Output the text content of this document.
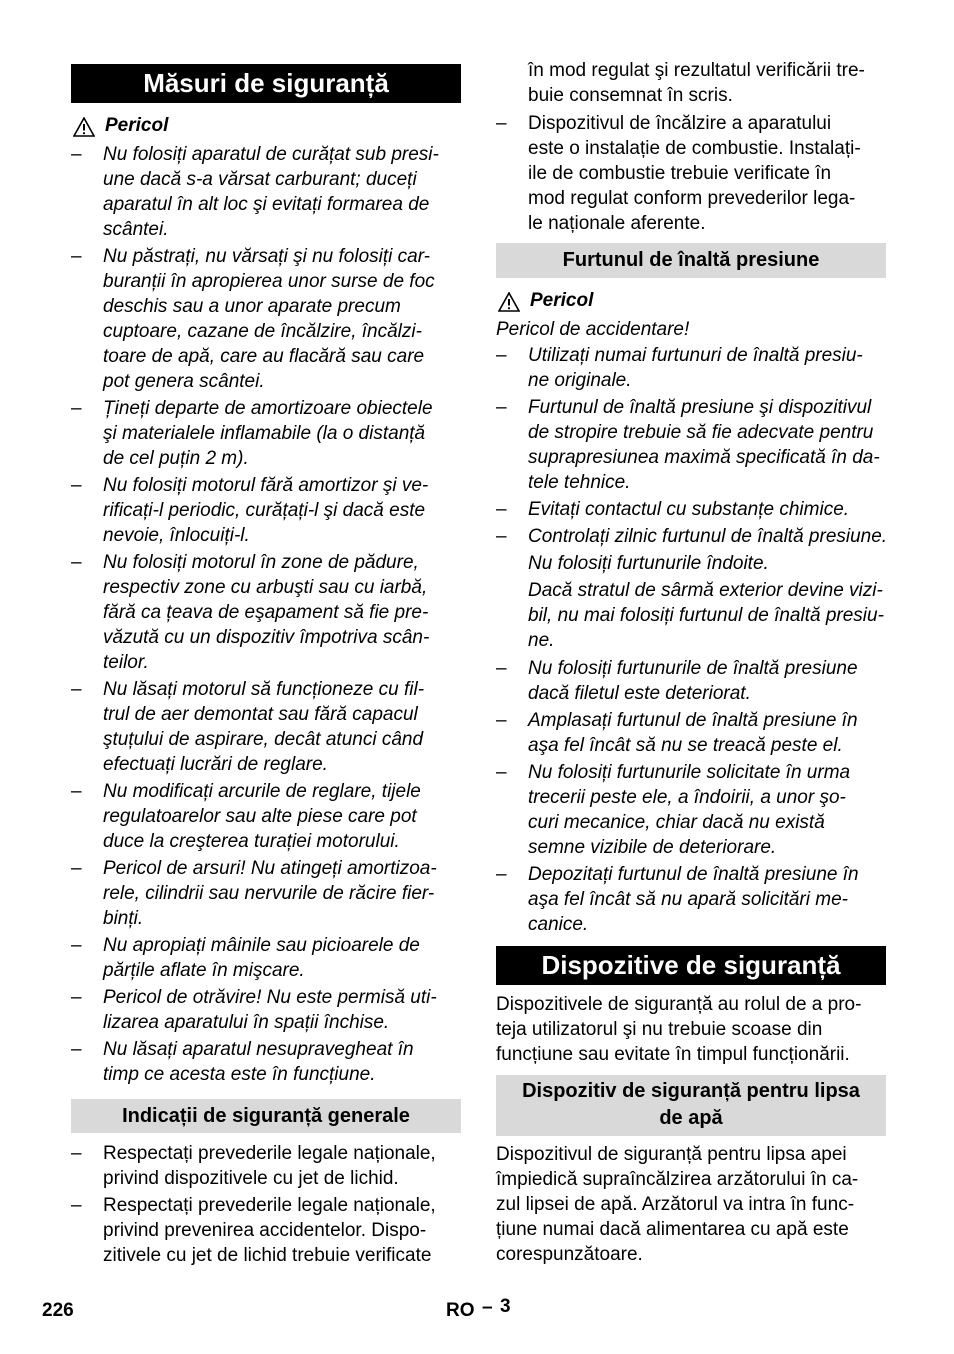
Măsuri de siguranță
Pericol
– Nu folosiți aparatul de curățat sub presi-
une dacă s-a vărsat carburant; duceți
aparatul în alt loc şi evitați formarea de
scântei.
– Nu păstrați, nu vărsați şi nu folosiți car-
buranții în apropierea unor surse de foc
deschis sau a unor aparate precum
cuptoare, cazane de încălzire, încălzi-
toare de apă, care au flacără sau care
pot genera scântei.
– Țineți departe de amortizoare obiectele
şi materialele inflamabile (la o distanță
de cel puțin 2 m).
– Nu folosiți motorul fără amortizor şi ve-
rificați-l periodic, curățați-l şi dacă este
nevoie, înlocuiți-l.
– Nu folosiți motorul în zone de pădure,
respectiv zone cu arbuşti sau cu iarbă,
fără ca țeava de eşapament să fie pre-
văzută cu un dispozitiv împotriva scân-
teilor.
– Nu lăsați motorul să funcționeze cu fil-
trul de aer demontat sau fără capacul
ştuțului de aspirare, decât atunci când
efectuați lucrări de reglare.
– Nu modificați arcurile de reglare, tijele
regulatoarelor sau alte piese care pot
duce la creşterea turației motorului.
– Pericol de arsuri! Nu atingeți amortizoa-
rele, cilindrii sau nervurile de răcire fier-
binți.
– Nu apropiați mâinile sau picioarele de
părțile aflate în mişcare.
– Pericol de otrăvire! Nu este permisă uti-
lizarea aparatului în spații închise.
– Nu lăsați aparatul nesupravegheat în
timp ce acesta este în funcțiune.
Indicații de siguranță generale
– Respectați prevederile legale naționale,
privind dispozitivele cu jet de lichid.
– Respectați prevederile legale naționale,
privind prevenirea accidentelor. Dispo-
zitivele cu jet de lichid trebuie verificate
în mod regulat şi rezultatul verificării tre-
buie consemnat în scris.
– Dispozitivul de încălzire a aparatului
este o instalație de combustie. Instalați-
ile de combustie trebuie verificate în
mod regulat conform prevederilor lega-
le naționale aferente.
Furtunul de înaltă presiune
Pericol
Pericol de accidentare!
– Utilizați numai furtunuri de înaltă presiu-
ne originale.
– Furtunul de înaltă presiune şi dispozitivul
de stropire trebuie să fie adecvate pentru
suprapresiunea maximă specificată în da-
tele tehnice.
– Evitați contactul cu substanțe chimice.
– Controlați zilnic furtunul de înaltă presiune.
Nu folosiți furtunurile îndoite.
Dacă stratul de sârmă exterior devine vizi-
bil, nu mai folosiți furtunul de înaltă presiu-
ne.
– Nu folosiți furtunurile de înaltă presiune
dacă filetul este deteriorat.
– Amplasați furtunul de înaltă presiune în
aşa fel încât să nu se treacă peste el.
– Nu folosiți furtunurile solicitate în urma
trecerii peste ele, a îndoirii, a unor şo-
curi mecanice, chiar dacă nu există
semne vizibile de deteriorare.
– Depozitați furtunul de înaltă presiune în
aşa fel încât să nu apară solicitări me-
canice.
Dispozitive de siguranță
Dispozitivele de siguranță au rolul de a pro-
teja utilizatorul şi nu trebuie scoase din
funcțiune sau evitate în timpul funcționării.
Dispozitiv de siguranță pentru lipsa
de apă
Dispozitivul de siguranță pentru lipsa apei
împiedică supraîncălzirea arzătorului în ca-
zul lipsei de apă. Arzătorul va intra în func-
țiune numai dacă alimentarea cu apă este
corespunzătoare.
226	RO – 3
